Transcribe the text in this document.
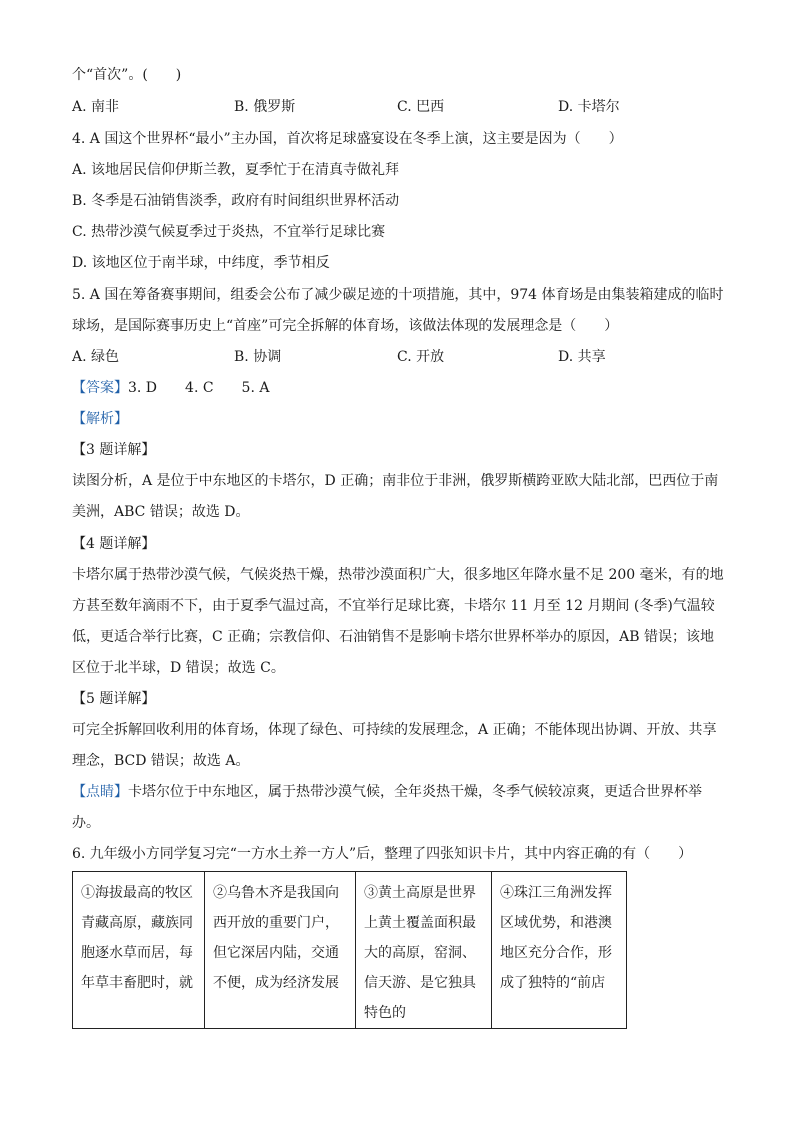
个“首次”。(　　)
A. 南非	B. 俄罗斯	C. 巴西	D. 卡塔尔
4. A 国这个世界杯“最小”主办国，首次将足球盛宴设在冬季上演，这主要是因为（　　）
A. 该地居民信仰伊斯兰教，夏季忙于在清真寺做礼拜
B. 冬季是石油销售淡季，政府有时间组织世界杯活动
C. 热带沙漠气候夏季过于炎热，不宜举行足球比赛
D. 该地区位于南半球，中纬度，季节相反
5. A 国在筹备赛事期间，组委会公布了减少碳足迹的十项措施，其中，974 体育场是由集装箱建成的临时
球场，是国际赛事历史上“首座”可完全拆解的体育场，该做法体现的发展理念是（　　）
A. 绿色	B. 协调	C. 开放	D. 共享
【答案】3. D　　4. C　　5. A
【解析】
【3 题详解】
读图分析，A 是位于中东地区的卡塔尔，D 正确；南非位于非洲，俄罗斯横跨亚欧大陆北部，巴西位于南
美洲，ABC 错误；故选 D。
【4 题详解】
卡塔尔属于热带沙漠气候，气候炎热干燥，热带沙漠面积广大，很多地区年降水量不足 200 毫米，有的地
方甚至数年滴雨不下，由于夏季气温过高，不宜举行足球比赛，卡塔尔 11 月至 12 月期间 (冬季)气温较
低，更适合举行比赛，C 正确；宗教信仰、石油销售不是影响卡塔尔世界杯举办的原因，AB 错误；该地
区位于北半球，D 错误；故选 C。
【5 题详解】
可完全拆解回收利用的体育场，体现了绿色、可持续的发展理念，A 正确；不能体现出协调、开放、共享
理念，BCD 错误；故选 A。
【点睛】卡塔尔位于中东地区，属于热带沙漠气候，全年炎热干燥，冬季气候较凉爽，更适合世界杯举
办。
6. 九年级小方同学复习完“一方水土养一方人”后，整理了四张知识卡片，其中内容正确的有（　　）
①海拔最高的牧区青藏高原，藏族同胞逐水草而居，每年草丰畜肥时，就

②乌鲁木齐是我国向西开放的重要门户，但它深居内陆，交通不便，成为经济发展

③黄土高原是世界上黄土覆盖面积最大的高原，窑洞、信天游、是它独具特色的

④珠江三角洲发挥区域优势，和港澳地区充分合作，形成了独特的“前店
